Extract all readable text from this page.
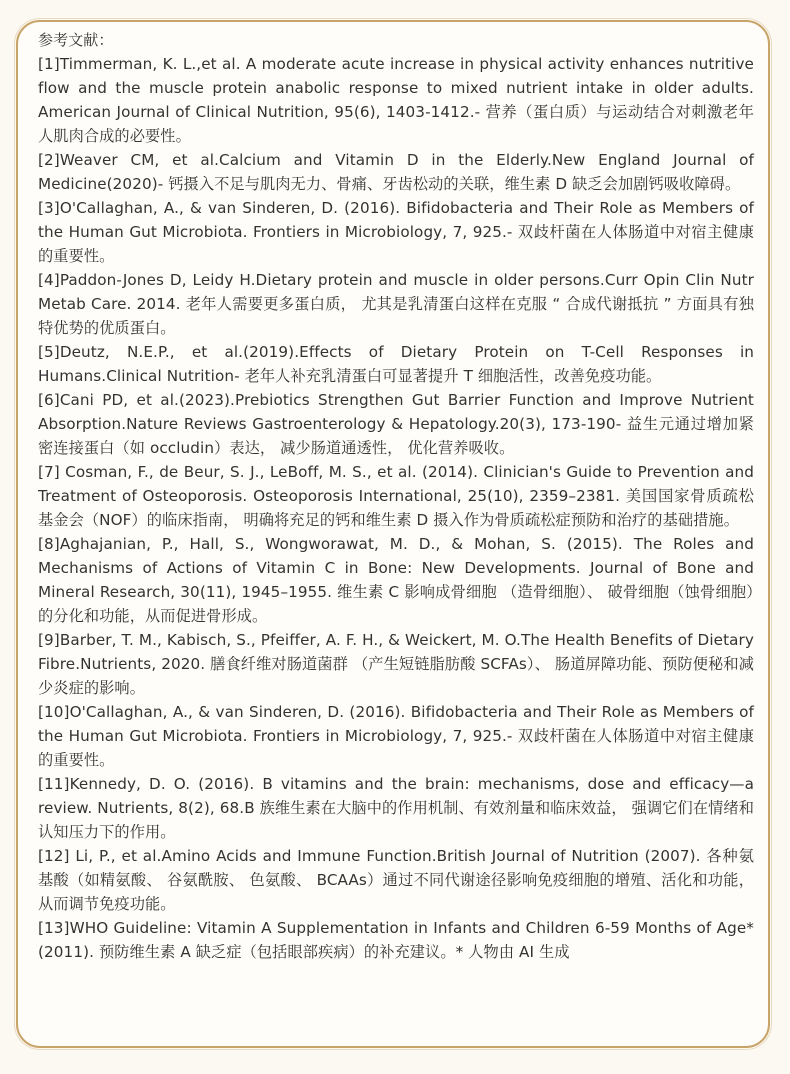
参考文献：

[1]Timmerman, K. L.,et al. A moderate acute increase in physical activity enhances nutritive flow and the muscle protein anabolic response to mixed nutrient intake in older adults. American Journal of Clinical Nutrition, 95(6), 1403-1412.- 营养（蛋白质）与运动结合对刺激老年人肌肉合成的必要性。

[2]Weaver CM, et al.Calcium and Vitamin D in the Elderly.New England Journal of Medicine(2020)- 钙摄入不足与肌肉无力、骨痛、牙齿松动的关联，维生素 D 缺乏会加剧钙吸收障碍。

[3]O'Callaghan, A., & van Sinderen, D. (2016). Bifidobacteria and Their Role as Members of the Human Gut Microbiota. Frontiers in Microbiology, 7, 925.- 双歧杆菌在人体肠道中对宿主健康的重要性。

[4]Paddon-Jones D, Leidy H.Dietary protein and muscle in older persons.Curr Opin Clin Nutr Metab Care. 2014. 老年人需要更多蛋白质， 尤其是乳清蛋白这样在克服 “ 合成代谢抵抗 ” 方面具有独特优势的优质蛋白。

[5]Deutz, N.E.P., et al.(2019).Effects of Dietary Protein on T-Cell Responses in Humans.Clinical Nutrition- 老年人补充乳清蛋白可显著提升 T 细胞活性，改善免疫功能。

[6]Cani PD, et al.(2023).Prebiotics Strengthen Gut Barrier Function and Improve Nutrient Absorption.Nature Reviews Gastroenterology & Hepatology.20(3), 173-190- 益生元通过增加紧密连接蛋白（如 occludin）表达， 减少肠道通透性， 优化营养吸收。

[7] Cosman, F., de Beur, S. J., LeBoff, M. S., et al. (2014). Clinician's Guide to Prevention and Treatment of Osteoporosis. Osteoporosis International, 25(10), 2359–2381. 美国国家骨质疏松基金会（NOF）的临床指南， 明确将充足的钙和维生素 D 摄入作为骨质疏松症预防和治疗的基础措施。

[8]Aghajanian, P., Hall, S., Wongworawat, M. D., & Mohan, S. (2015). The Roles and Mechanisms of Actions of Vitamin C in Bone: New Developments. Journal of Bone and Mineral Research, 30(11), 1945–1955. 维生素 C 影响成骨细胞 （造骨细胞）、 破骨细胞（蚀骨细胞）的分化和功能，从而促进骨形成。

[9]Barber, T. M., Kabisch, S., Pfeiffer, A. F. H., & Weickert, M. O.The Health Benefits of Dietary Fibre.Nutrients, 2020. 膳食纤维对肠道菌群 （产生短链脂肪酸 SCFAs）、 肠道屏障功能、预防便秘和减少炎症的影响。

[10]O'Callaghan, A., & van Sinderen, D. (2016). Bifidobacteria and Their Role as Members of the Human Gut Microbiota. Frontiers in Microbiology, 7, 925.- 双歧杆菌在人体肠道中对宿主健康的重要性。

[11]Kennedy, D. O. (2016). B vitamins and the brain: mechanisms, dose and efficacy—a review. Nutrients, 8(2), 68.B 族维生素在大脑中的作用机制、有效剂量和临床效益， 强调它们在情绪和认知压力下的作用。

[12] Li, P., et al.Amino Acids and Immune Function.British Journal of Nutrition (2007). 各种氨基酸（如精氨酸、 谷氨酰胺、 色氨酸、 BCAAs）通过不同代谢途径影响免疫细胞的增殖、活化和功能，从而调节免疫功能。

[13]WHO Guideline: Vitamin A Supplementation in Infants and Children 6-59 Months of Age* (2011). 预防维生素 A 缺乏症（包括眼部疾病）的补充建议。* 人物由 AI 生成
